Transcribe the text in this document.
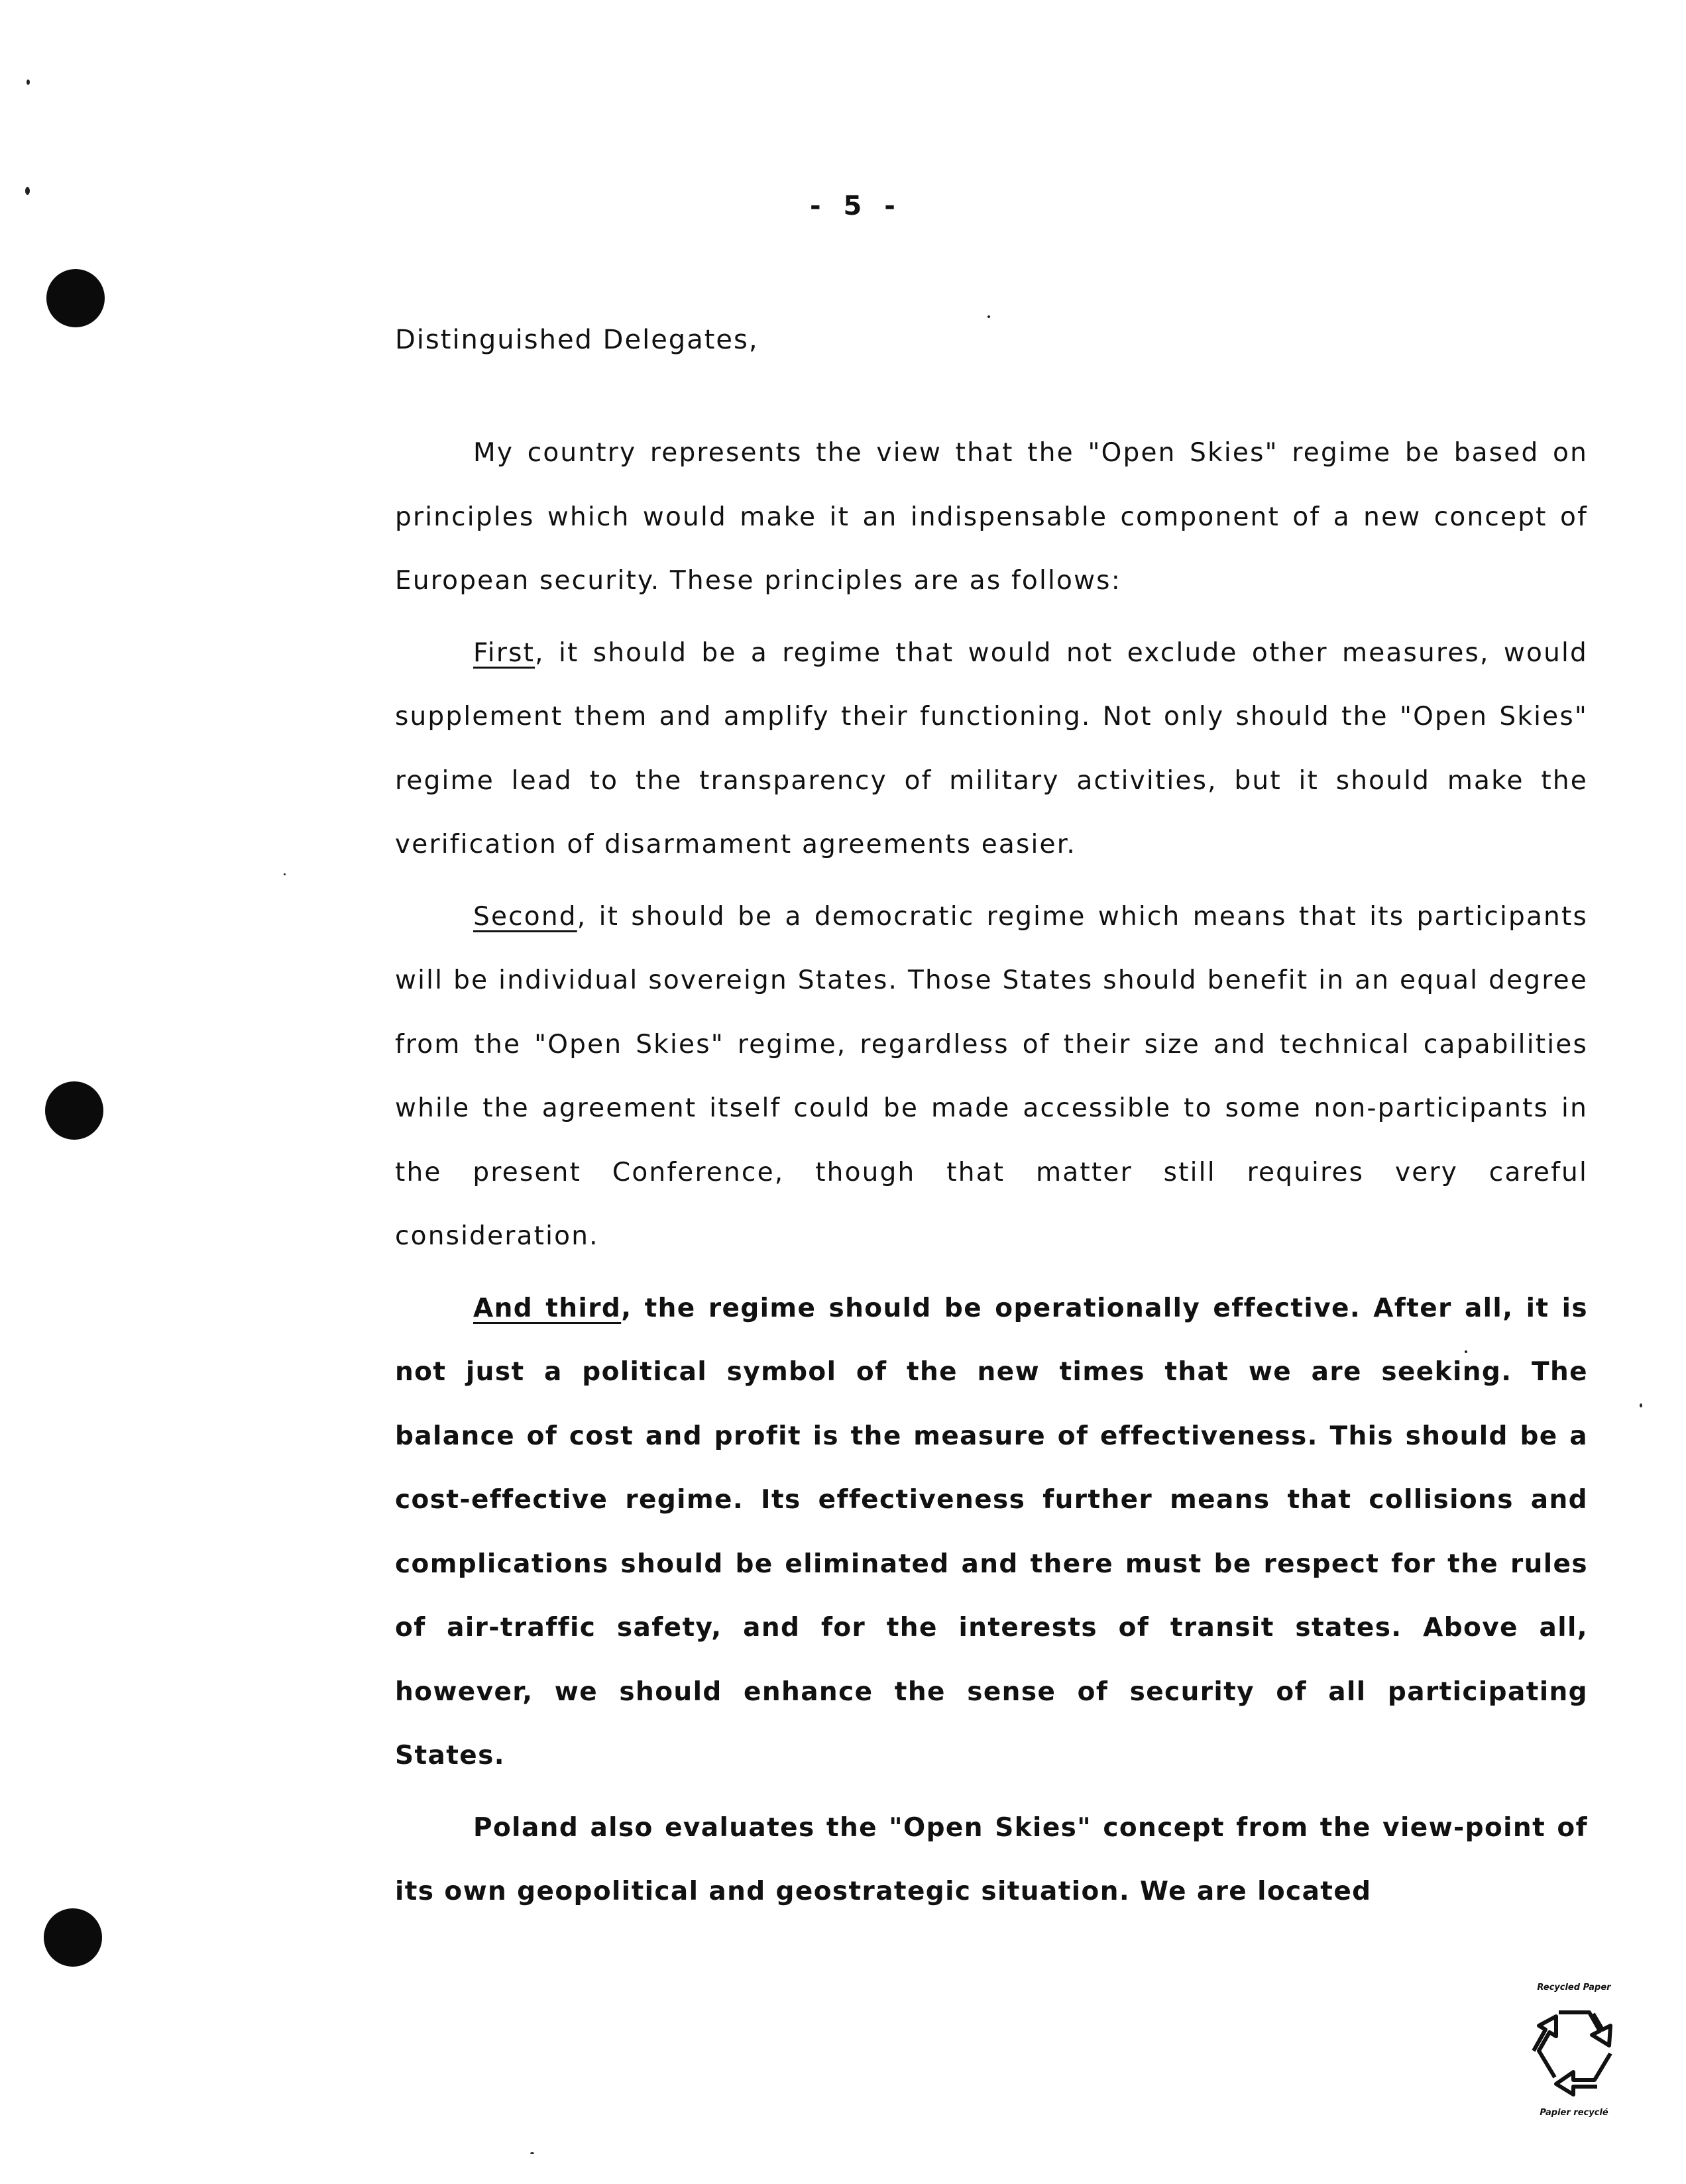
- 5 -
Distinguished Delegates,

My country represents the view that the "Open Skies" regime be based on principles which would make it an indispensable component of a new concept of European security. These principles are as follows:

First, it should be a regime that would not exclude other measures, would supplement them and amplify their functioning. Not only should the "Open Skies" regime lead to the transparency of military activities, but it should make the verification of disarmament agreements easier.

Second, it should be a democratic regime which means that its participants will be individual sovereign States. Those States should benefit in an equal degree from the "Open Skies" regime, regardless of their size and technical capabilities while the agreement itself could be made accessible to some non-participants in the present Conference, though that matter still requires very careful consideration.

And third, the regime should be operationally effective. After all, it is not just a political symbol of the new times that we are seeking. The balance of cost and profit is the measure of effectiveness. This should be a cost-effective regime. Its effectiveness further means that collisions and complications should be eliminated and there must be respect for the rules of air-traffic safety, and for the interests of transit states. Above all, however, we should enhance the sense of security of all participating States.

Poland also evaluates the "Open Skies" concept from the view-point of its own geopolitical and geostrategic situation. We are located

Recycled Paper
Papier recyclé
